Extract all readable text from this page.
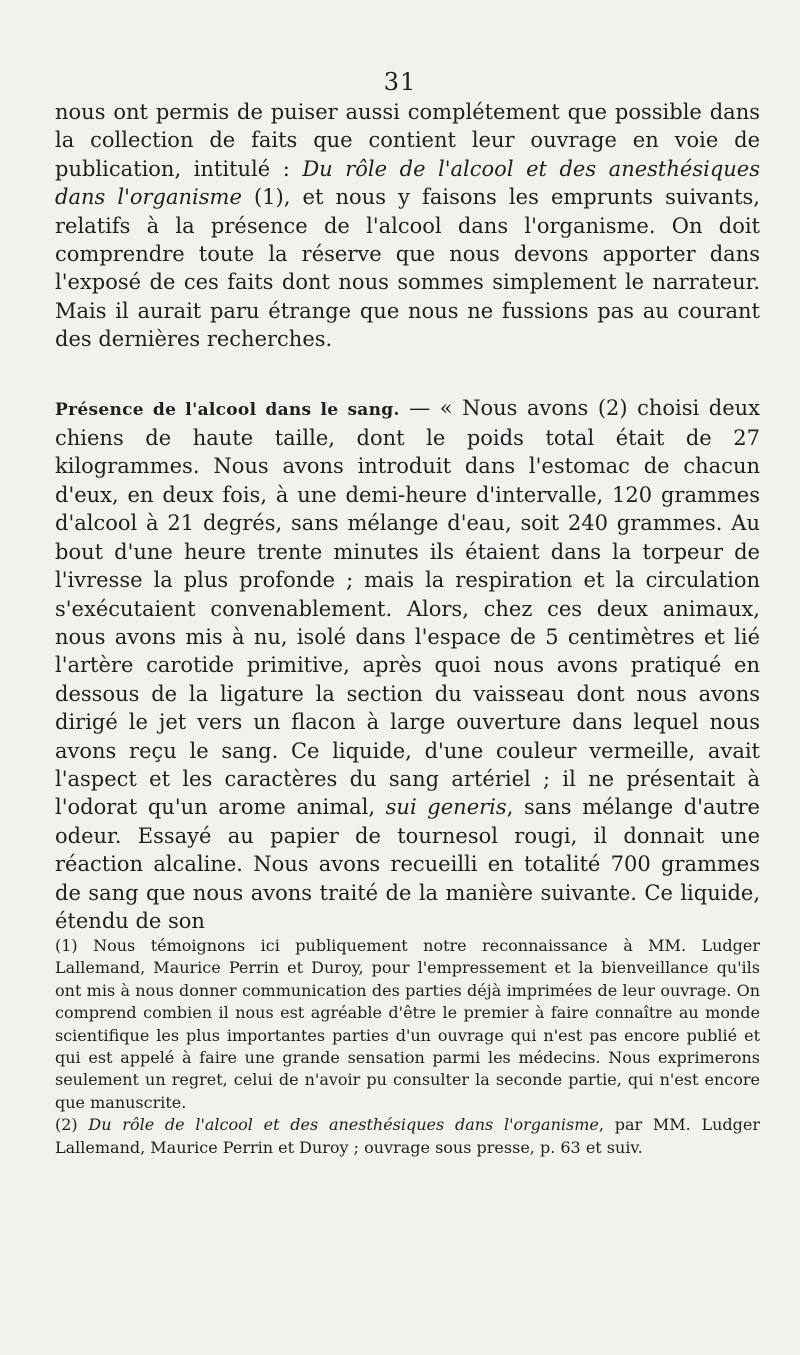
31

nous ont permis de puiser aussi complétement que possible dans la collection de faits que contient leur ouvrage en voie de publication, intitulé : Du rôle de l'alcool et des anesthésiques dans l'organisme (1), et nous y faisons les emprunts suivants, relatifs à la présence de l'alcool dans l'organisme. On doit comprendre toute la réserve que nous devons apporter dans l'exposé de ces faits dont nous sommes simplement le narrateur. Mais il aurait paru étrange que nous ne fussions pas au courant des dernières recherches.

Présence de l'alcool dans le sang. — « Nous avons (2) choisi deux chiens de haute taille, dont le poids total était de 27 kilogrammes. Nous avons introduit dans l'estomac de chacun d'eux, en deux fois, à une demi-heure d'intervalle, 120 grammes d'alcool à 21 degrés, sans mélange d'eau, soit 240 grammes. Au bout d'une heure trente minutes ils étaient dans la torpeur de l'ivresse la plus profonde ; mais la respiration et la circulation s'exécutaient convenablement. Alors, chez ces deux animaux, nous avons mis à nu, isolé dans l'espace de 5 centimètres et lié l'artère carotide primitive, après quoi nous avons pratiqué en dessous de la ligature la section du vaisseau dont nous avons dirigé le jet vers un flacon à large ouverture dans lequel nous avons reçu le sang. Ce liquide, d'une couleur vermeille, avait l'aspect et les caractères du sang artériel ; il ne présentait à l'odorat qu'un arome animal, sui generis, sans mélange d'autre odeur. Essayé au papier de tournesol rougi, il donnait une réaction alcaline. Nous avons recueilli en totalité 700 grammes de sang que nous avons traité de la manière suivante. Ce liquide, étendu de son

(1) Nous témoignons ici publiquement notre reconnaissance à MM. Ludger Lallemand, Maurice Perrin et Duroy, pour l'empressement et la bienveillance qu'ils ont mis à nous donner communication des parties déjà imprimées de leur ouvrage. On comprend combien il nous est agréable d'être le premier à faire connaître au monde scientifique les plus importantes parties d'un ouvrage qui n'est pas encore publié et qui est appelé à faire une grande sensation parmi les médecins. Nous exprimerons seulement un regret, celui de n'avoir pu consulter la seconde partie, qui n'est encore que manuscrite.

(2) Du rôle de l'alcool et des anesthésiques dans l'organisme, par MM. Ludger Lallemand, Maurice Perrin et Duroy ; ouvrage sous presse, p. 63 et suiv.
